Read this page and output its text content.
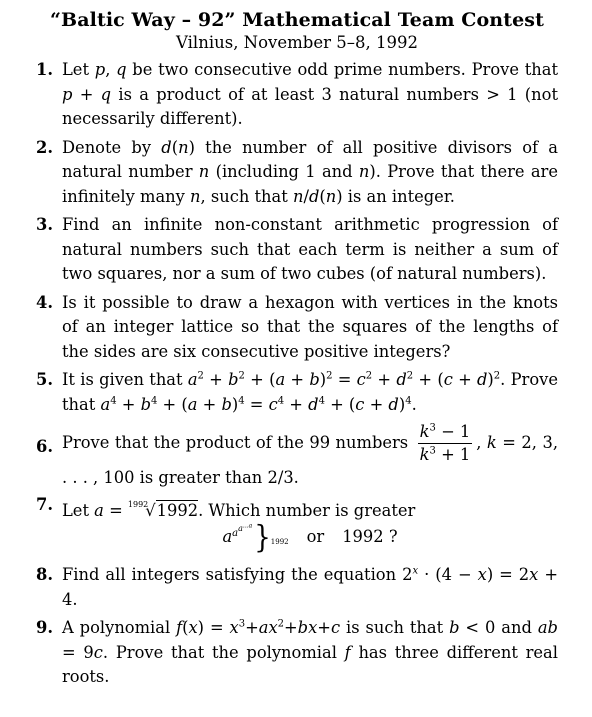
“Baltic Way – 92” Mathematical Team Contest
Vilnius, November 5–8, 1992
1. Let p, q be two consecutive odd prime numbers. Prove that p + q is a product of at least 3 natural numbers > 1 (not necessarily different).
2. Denote by d(n) the number of all positive divisors of a natural number n (including 1 and n). Prove that there are infinitely many n, such that n/d(n) is an integer.
3. Find an infinite non-constant arithmetic progression of natural numbers such that each term is neither a sum of two squares, nor a sum of two cubes (of natural numbers).
4. Is it possible to draw a hexagon with vertices in the knots of an integer lattice so that the squares of the lengths of the sides are six consecutive positive integers?
5. It is given that $a^2 + b^2 + (a + b)^2 = c^2 + d^2 + (c + d)^2$. Prove that $a^4 + b^4 + (a + b)^4 = c^4 + d^4 + (c + d)^4$.
6. Prove that the product of the 99 numbers $\frac{k^3 - 1}{k^3 + 1}$ , k = 2, 3, . . . , 100 is greater than 2/3.
7. Let a = $^{1992}$√1992. Which number is greater
$a^{a^{a^{...a}}}\}1992$ or 1992 ?
8. Find all integers satisfying the equation $2^x \cdot (4 - x) = 2x + 4$.
9. A polynomial $f(x) = x^3+ax^2+bx+c$ is such that b < 0 and ab = 9c. Prove that the polynomial f has three different real roots.
